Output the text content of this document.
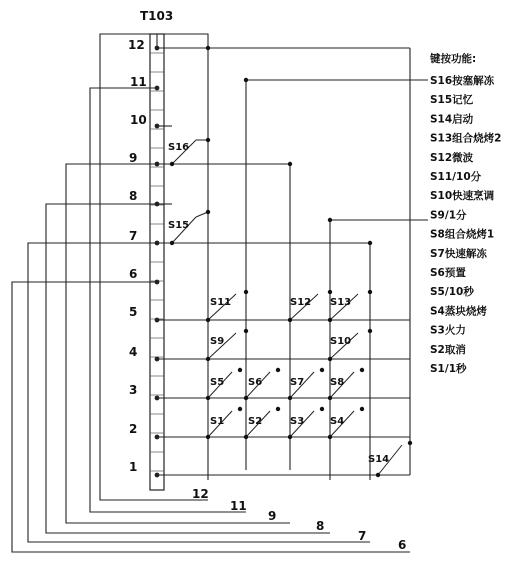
T103
12
11
10
9
8
7
6
5
4
3
2
1
12
11
9
8
7
6
S16
S15
S11	S12 S13
S9	S10
S5 S6	S7	S8
S1 S2	S3	S4
S14
键按功能:
S16按塞解冻
S15记忆
S14启动
S13组合烧烤2
S12微波
S11/10分
S10快速烹调
S9/1分
S8组合烧烤1
S7快速解冻
S6预置
S5/10秒
S4蒸块烧烤
S3火力
S2取消
S1/1秒
